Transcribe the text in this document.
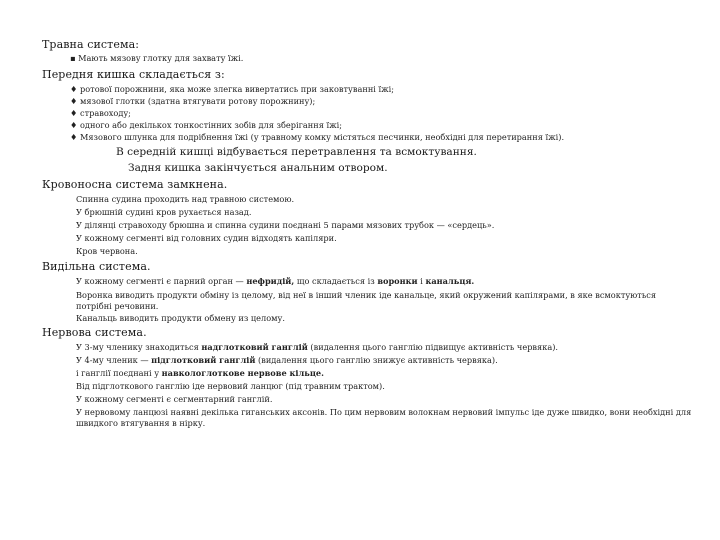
Травна система:
▪ Мають мязову глотку для захвату їжі.
Передня кишка складається з:
♦ ротової порожнини, яка може злегка вивертатись при заковтуванні їжі;
♦ мязової глотки (здатна втягувати ротову порожнину);
♦ стравоходу;
♦ одного або декількох тонкостінних зобів для зберігання їжі;
♦ Мязового шлунка для подрібнення їжі (у травному комку містяться песчинки, необхідні для перетирання їжі).
В середній кишці відбувається перетравлення та всмоктування.
Задня кишка закінчується анальним отвором.
Кровоносна система замкнена.
Спинна судина проходить над травною системою.
У брюшній судині кров рухається назад.
У ділянці стравоходу брюшна и спинна судини поєднані 5 парами мязових трубок — «сердець».
У кожному сегменті від головних судин відходять капіляри.
Кров червона.
Видільна система.
У кожному сегменті є парний орган — нефридій, що складається із воронки і канальця.
Воронка виводить продукти обміну із целому, від неї в інший членик іде канальце, який окружений капілярами, в яке всмоктуються потрібні речовини.
Канальць виводить продукти обмену из целому.
Нервова система.
У 3-му членику знаходиться надглотковий ганглій (видалення цього ганглію підвищує активність червяка).
У 4-му членик — підглотковий ганглій (видалення цього ганглію знижує активність червяка).
і ганглії поєднані у навкологлоткове нервове кільце.
Від підглоткового ганглію іде нервовий ланцюг (під травним трактом).
У кожному сегменті є сегментарний ганглій.
У нервовому ланцюзі наявні декілька гиганських аксонів. По цим нервовим волокнам нервовий імпульс іде дуже швидко, вони необхідні для швидкого втягування в нірку.
